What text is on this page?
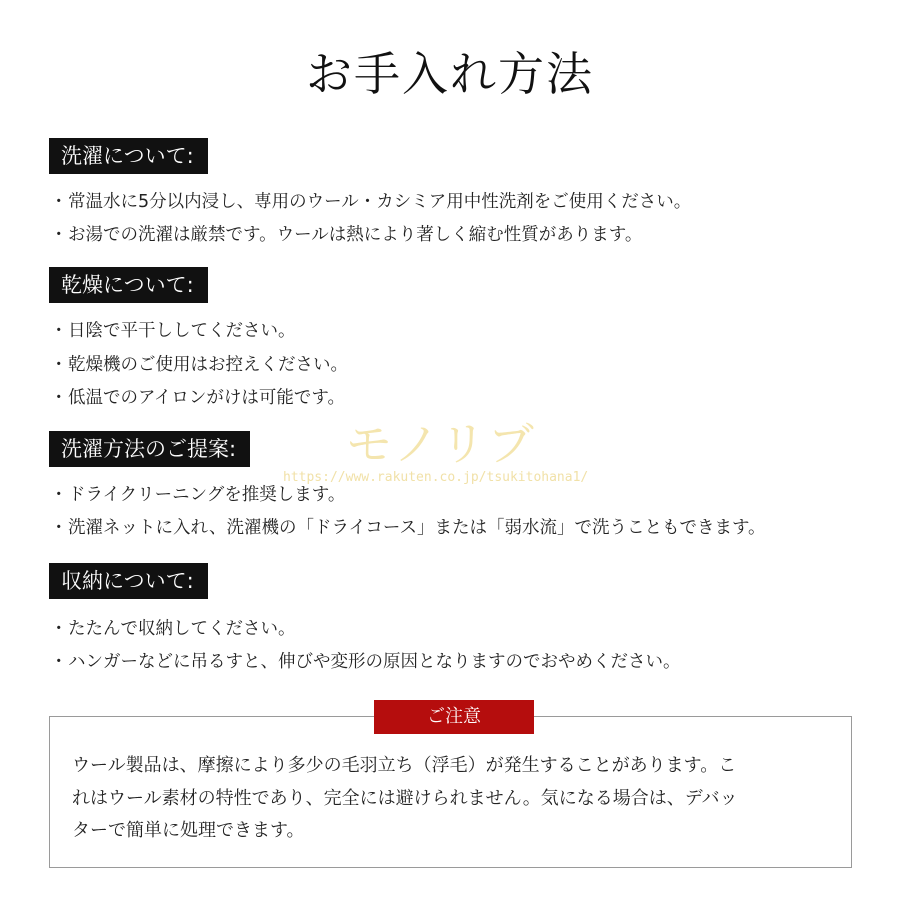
お手入れ方法
洗濯について:
・常温水に5分以内浸し、専用のウール・カシミア用中性洗剤をご使用ください。
・お湯での洗濯は厳禁です。ウールは熱により著しく縮む性質があります。
乾燥について:
・日陰で平干ししてください。
・乾燥機のご使用はお控えください。
・低温でのアイロンがけは可能です。
モノリブ
https://www.rakuten.co.jp/tsukitohana1/
洗濯方法のご提案:
・ドライクリーニングを推奨します。
・洗濯ネットに入れ、洗濯機の「ドライコース」または「弱水流」で洗うこともできます。
収納について:
・たたんで収納してください。
・ハンガーなどに吊るすと、伸びや変形の原因となりますのでおやめください。
ご注意
ウール製品は、摩擦により多少の毛羽立ち（浮毛）が発生することがあります。こ
れはウール素材の特性であり、完全には避けられません。気になる場合は、デバッ
ターで簡単に処理できます。
